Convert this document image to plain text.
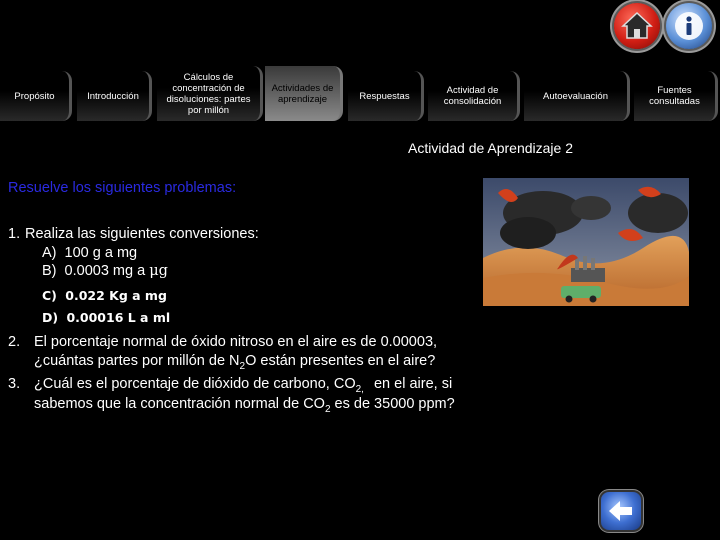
Propósito	Introducción
Cálculos de concentración de disoluciones: partes por millón
Actividades de aprendizaje	Respuestas	Actividad de consolidación	Autoevaluación	Fuentes consultadas
Actividad de Aprendizaje 2
Resuelve los siguientes problemas:
1. Realiza las siguientes conversiones:
A) 100 g a mg
B) 0.0003 mg a μg
C) 0.022 Kg a mg
D) 0.00016 L a ml
2. El porcentaje normal de óxido nitroso en el aire es de 0.00003,
¿cuántas partes por millón de $N_2O$ están presentes en el aire?
3. ¿Cuál es el porcentaje de dióxido de carbono, $CO_{2,}$ en el aire, si
sabemos que la concentración normal de $CO_2$ es de 35000 ppm?
